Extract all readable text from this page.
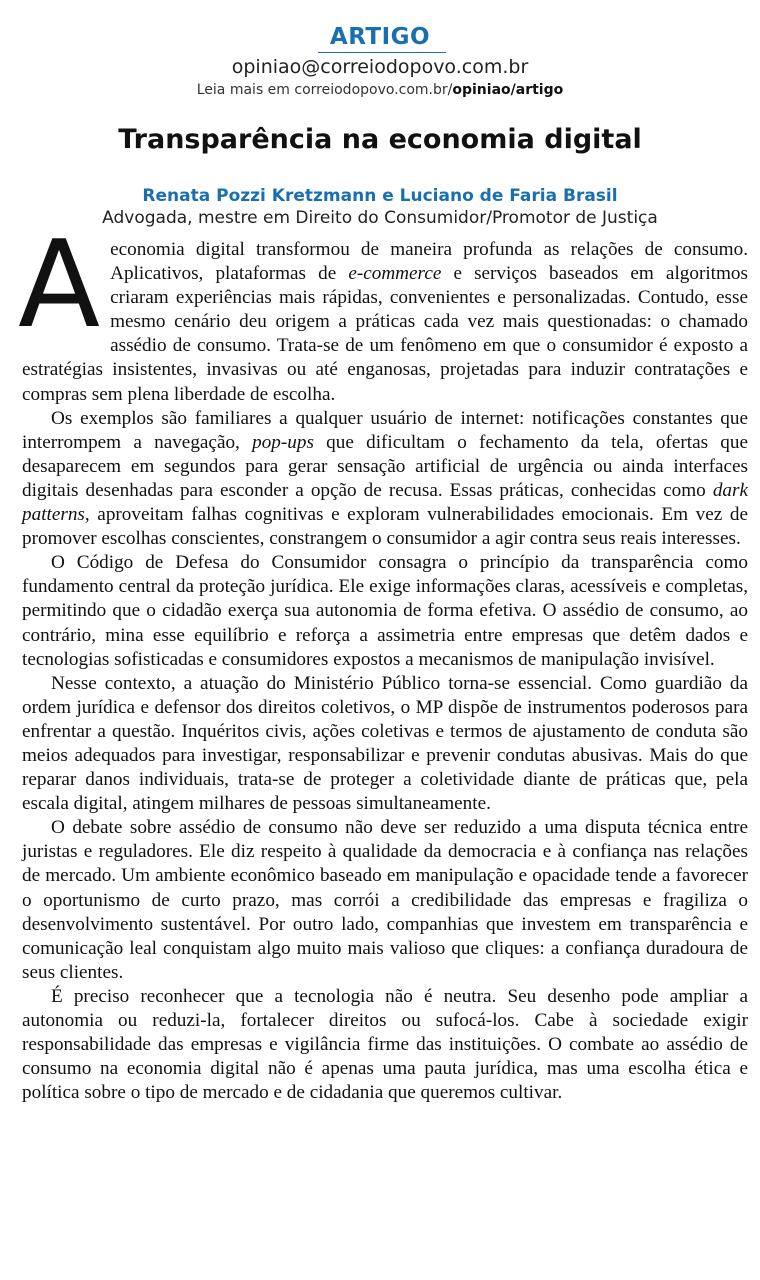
ARTIGO
opiniao@correiodopovo.com.br
Leia mais em correiodopovo.com.br/opiniao/artigo
Transparência na economia digital
Renata Pozzi Kretzmann e Luciano de Faria Brasil
Advogada, mestre em Direito do Consumidor/Promotor de Justiça

Aeconomia digital transformou de maneira profunda as relações de consumo. Aplicativos, plataformas de e-commerce e serviços baseados em algoritmos criaram experiências mais rápidas, convenientes e personalizadas. Contudo, esse mesmo cenário deu origem a práticas cada vez mais questionadas: o chamado assédio de consumo. Trata-se de um fenômeno em que o consumidor é exposto a estratégias insistentes, invasivas ou até enganosas, projetadas para induzir contratações e compras sem plena liberdade de escolha.

Os exemplos são familiares a qualquer usuário de internet: notificações constantes que interrompem a navegação, pop-ups que dificultam o fechamento da tela, ofertas que desaparecem em segundos para gerar sensação artificial de urgência ou ainda interfaces digitais desenhadas para esconder a opção de recusa. Essas práticas, conhecidas como dark patterns, aproveitam falhas cognitivas e exploram vulnerabilidades emocionais. Em vez de promover escolhas conscientes, constrangem o consumidor a agir contra seus reais interesses.

O Código de Defesa do Consumidor consagra o princípio da transparência como fundamento central da proteção jurídica. Ele exige informações claras, acessíveis e completas, permitindo que o cidadão exerça sua autonomia de forma efetiva. O assédio de consumo, ao contrário, mina esse equilíbrio e reforça a assimetria entre empresas que detêm dados e tecnologias sofisticadas e consumidores expostos a mecanismos de manipulação invisível.

Nesse contexto, a atuação do Ministério Público torna-se essencial. Como guardião da ordem jurídica e defensor dos direitos coletivos, o MP dispõe de instrumentos poderosos para enfrentar a questão. Inquéritos civis, ações coletivas e termos de ajustamento de conduta são meios adequados para investigar, responsabilizar e prevenir condutas abusivas. Mais do que reparar danos individuais, trata-se de proteger a coletividade diante de práticas que, pela escala digital, atingem milhares de pessoas simultaneamente.

O debate sobre assédio de consumo não deve ser reduzido a uma disputa técnica entre juristas e reguladores. Ele diz respeito à qualidade da democracia e à confiança nas relações de mercado. Um ambiente econômico baseado em manipulação e opacidade tende a favorecer o oportunismo de curto prazo, mas corrói a credibilidade das empresas e fragiliza o desenvolvimento sustentável. Por outro lado, companhias que investem em transparência e comunicação leal conquistam algo muito mais valioso que cliques: a confiança duradoura de seus clientes.

É preciso reconhecer que a tecnologia não é neutra. Seu desenho pode ampliar a autonomia ou reduzi-la, fortalecer direitos ou sufocá-los. Cabe à sociedade exigir responsabilidade das empresas e vigilância firme das instituições. O combate ao assédio de consumo na economia digital não é apenas uma pauta jurídica, mas uma escolha ética e política sobre o tipo de mercado e de cidadania que queremos cultivar.
